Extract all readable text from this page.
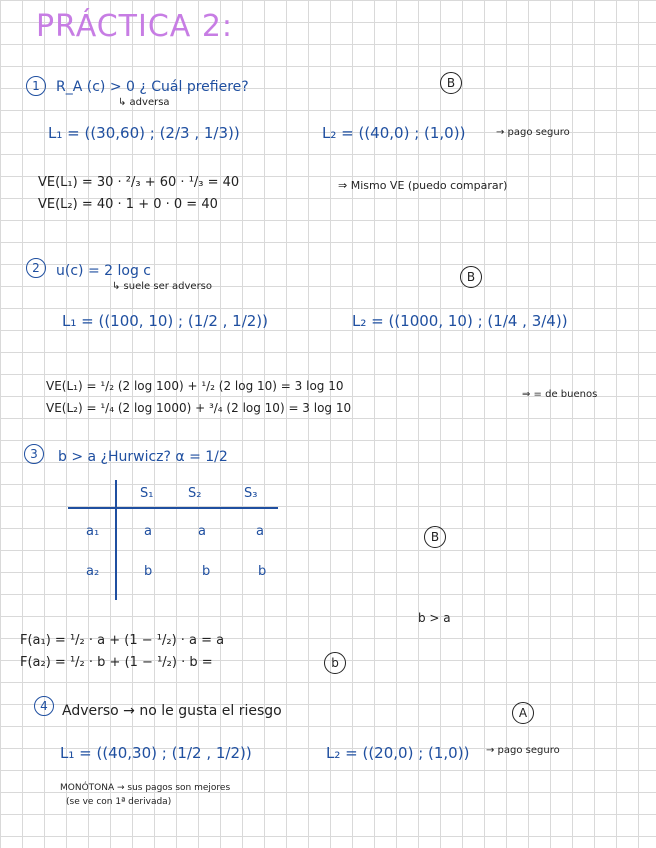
PRÁCTICA 2:
1	R_A (c) > 0 ¿ Cuál prefiere?
↳ adversa
B
L₁ = ((30,60) ; (2/3 , 1/3))	L₂ = ((40,0) ; (1,0))	→ pago seguro
VE(L₁) = 30 · ²/₃ + 60 · ¹/₃ = 40
VE(L₂) = 40 · 1 + 0 · 0 = 40
⇒ Mismo VE (puedo comparar)
2	u(c) = 2 log c
↳ suele ser adverso
B
L₁ = ((100, 10) ; (1/2 , 1/2))	L₂ = ((1000, 10) ; (1/4 , 3/4))
VE(L₁) = ¹/₂ (2 log 100) + ¹/₂ (2 log 10) = 3 log 10
VE(L₂) = ¹/₄ (2 log 1000) + ³/₄ (2 log 10) = 3 log 10
⇒ = de buenos
3	b > a ¿Hurwicz? α = 1/2
S₁	S₂	S₃
a₁	a	a	a
a₂	b	b	b
B
b > a
F(a₁) = ¹/₂ · a + (1 − ¹/₂) · a = a
F(a₂) = ¹/₂ · b + (1 − ¹/₂) · b =	b
4	Adverso → no le gusta el riesgo	A
L₁ = ((40,30) ; (1/2 , 1/2))	L₂ = ((20,0) ; (1,0)) → pago seguro
MONÓTONA → sus pagos son mejores
(se ve con 1ª derivada)
